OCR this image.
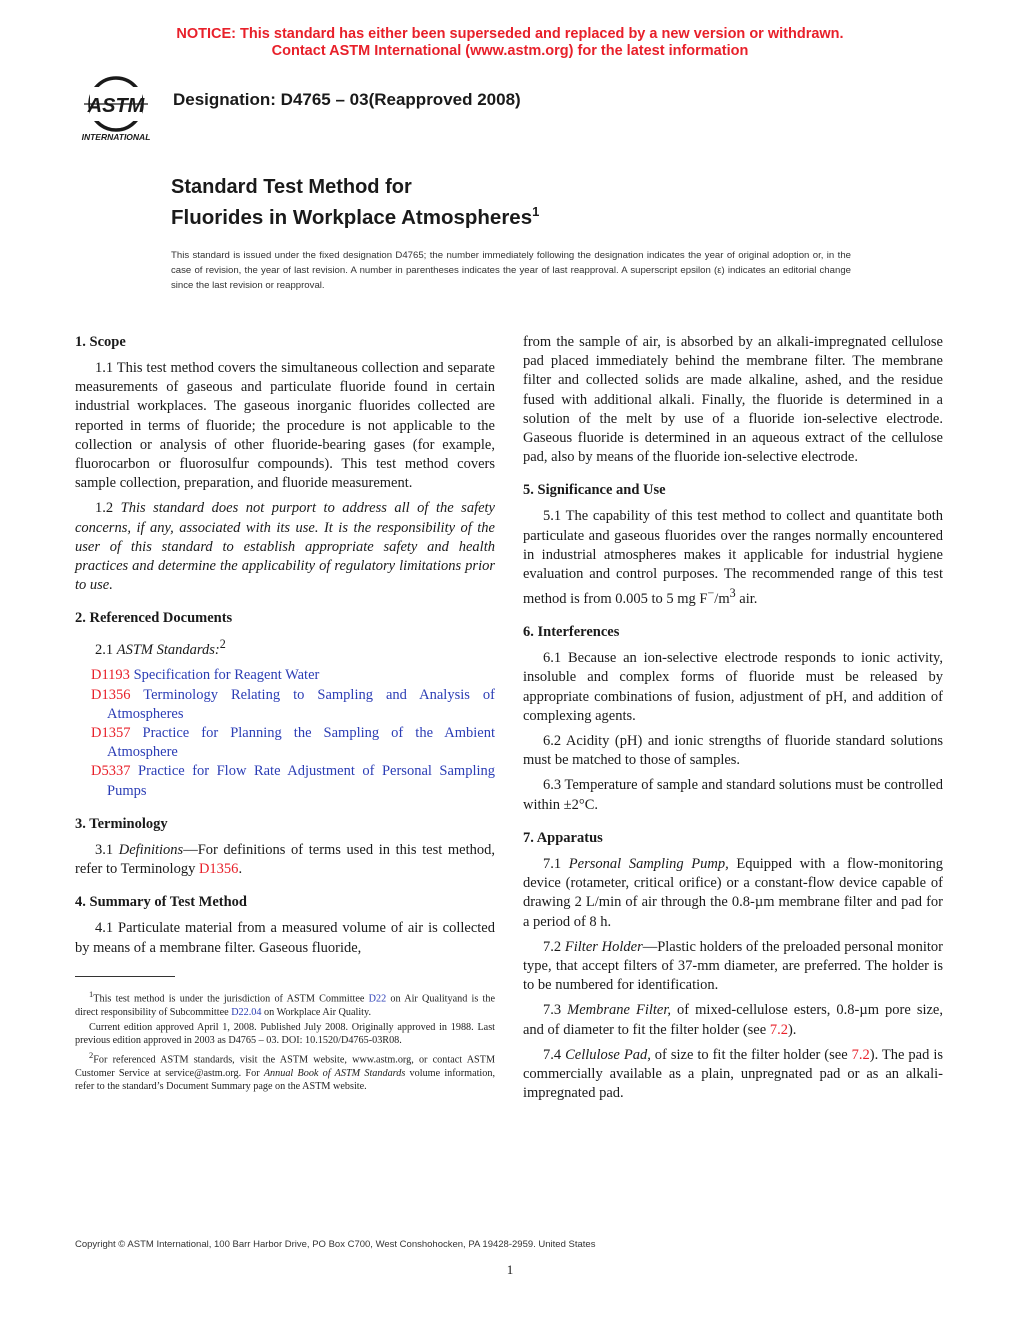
NOTICE: This standard has either been superseded and replaced by a new version or withdrawn.
Contact ASTM International (www.astm.org) for the latest information
ASTM
INTERNATIONAL
Designation: D4765 – 03(Reapproved 2008)
Standard Test Method for
Fluorides in Workplace Atmospheres$^1$
This standard is issued under the fixed designation D4765; the number immediately following the designation indicates the year of original adoption or, in the case of revision, the year of last revision. A number in parentheses indicates the year of last reapproval. A superscript epsilon (ε) indicates an editorial change since the last revision or reapproval.
1. Scope

1.1 This test method covers the simultaneous collection and separate measurements of gaseous and particulate fluoride found in certain industrial workplaces. The gaseous inorganic fluorides collected are reported in terms of fluoride; the procedure is not applicable to the collection or analysis of other fluoride-bearing gases (for example, fluorocarbon or fluorosulfur compounds). This test method covers sample collection, preparation, and fluoride measurement.

1.2 This standard does not purport to address all of the safety concerns, if any, associated with its use. It is the responsibility of the user of this standard to establish appropriate safety and health practices and determine the applicability of regulatory limitations prior to use.

2. Referenced Documents

2.1 ASTM Standards:$^2$

D1193 Specification for Reagent Water
D1356 Terminology Relating to Sampling and Analysis of Atmospheres
D1357 Practice for Planning the Sampling of the Ambient Atmosphere
D5337 Practice for Flow Rate Adjustment of Personal Sampling Pumps
3. Terminology

3.1 Definitions—For definitions of terms used in this test method, refer to Terminology D1356.

4. Summary of Test Method

4.1 Particulate material from a measured volume of air is collected by means of a membrane filter. Gaseous fluoride,

from the sample of air, is absorbed by an alkali-impregnated cellulose pad placed immediately behind the membrane filter. The membrane filter and collected solids are made alkaline, ashed, and the residue fused with additional alkali. Finally, the fluoride is determined in a solution of the melt by use of a fluoride ion-selective electrode. Gaseous fluoride is determined in an aqueous extract of the cellulose pad, also by means of the fluoride ion-selective electrode.

5. Significance and Use

5.1 The capability of this test method to collect and quantitate both particulate and gaseous fluorides over the ranges normally encountered in industrial atmospheres makes it applicable for industrial hygiene evaluation and control purposes. The recommended range of this test method is from 0.005 to 5 mg $F^-/m^3$ air.

6. Interferences

6.1 Because an ion-selective electrode responds to ionic activity, insoluble and complex forms of fluoride must be released by appropriate combinations of fusion, adjustment of pH, and addition of complexing agents.

6.2 Acidity (pH) and ionic strengths of fluoride standard solutions must be matched to those of samples.

6.3 Temperature of sample and standard solutions must be controlled within ±2°C.

7. Apparatus

7.1 Personal Sampling Pump, Equipped with a flow-monitoring device (rotameter, critical orifice) or a constant-flow device capable of drawing 2 L/min of air through the 0.8-µm membrane filter and pad for a period of 8 h.

7.2 Filter Holder—Plastic holders of the preloaded personal monitor type, that accept filters of 37-mm diameter, are preferred. The holder is to be numbered for identification.

7.3 Membrane Filter, of mixed-cellulose esters, 0.8-µm pore size, and of diameter to fit the filter holder (see 7.2).

7.4 Cellulose Pad, of size to fit the filter holder (see 7.2). The pad is commercially available as a plain, unpregnated pad or as an alkali-impregnated pad.

$^1$This test method is under the jurisdiction of ASTM Committee D22 on Air Qualityand is the direct responsibility of Subcommittee D22.04 on Workplace Air Quality.

Current edition approved April 1, 2008. Published July 2008. Originally approved in 1988. Last previous edition approved in 2003 as D4765 – 03. DOI: 10.1520/D4765-03R08.

$^2$For referenced ASTM standards, visit the ASTM website, www.astm.org, or contact ASTM Customer Service at service@astm.org. For Annual Book of ASTM Standards volume information, refer to the standard’s Document Summary page on the ASTM website.

Copyright © ASTM International, 100 Barr Harbor Drive, PO Box C700, West Conshohocken, PA 19428-2959. United States
1
